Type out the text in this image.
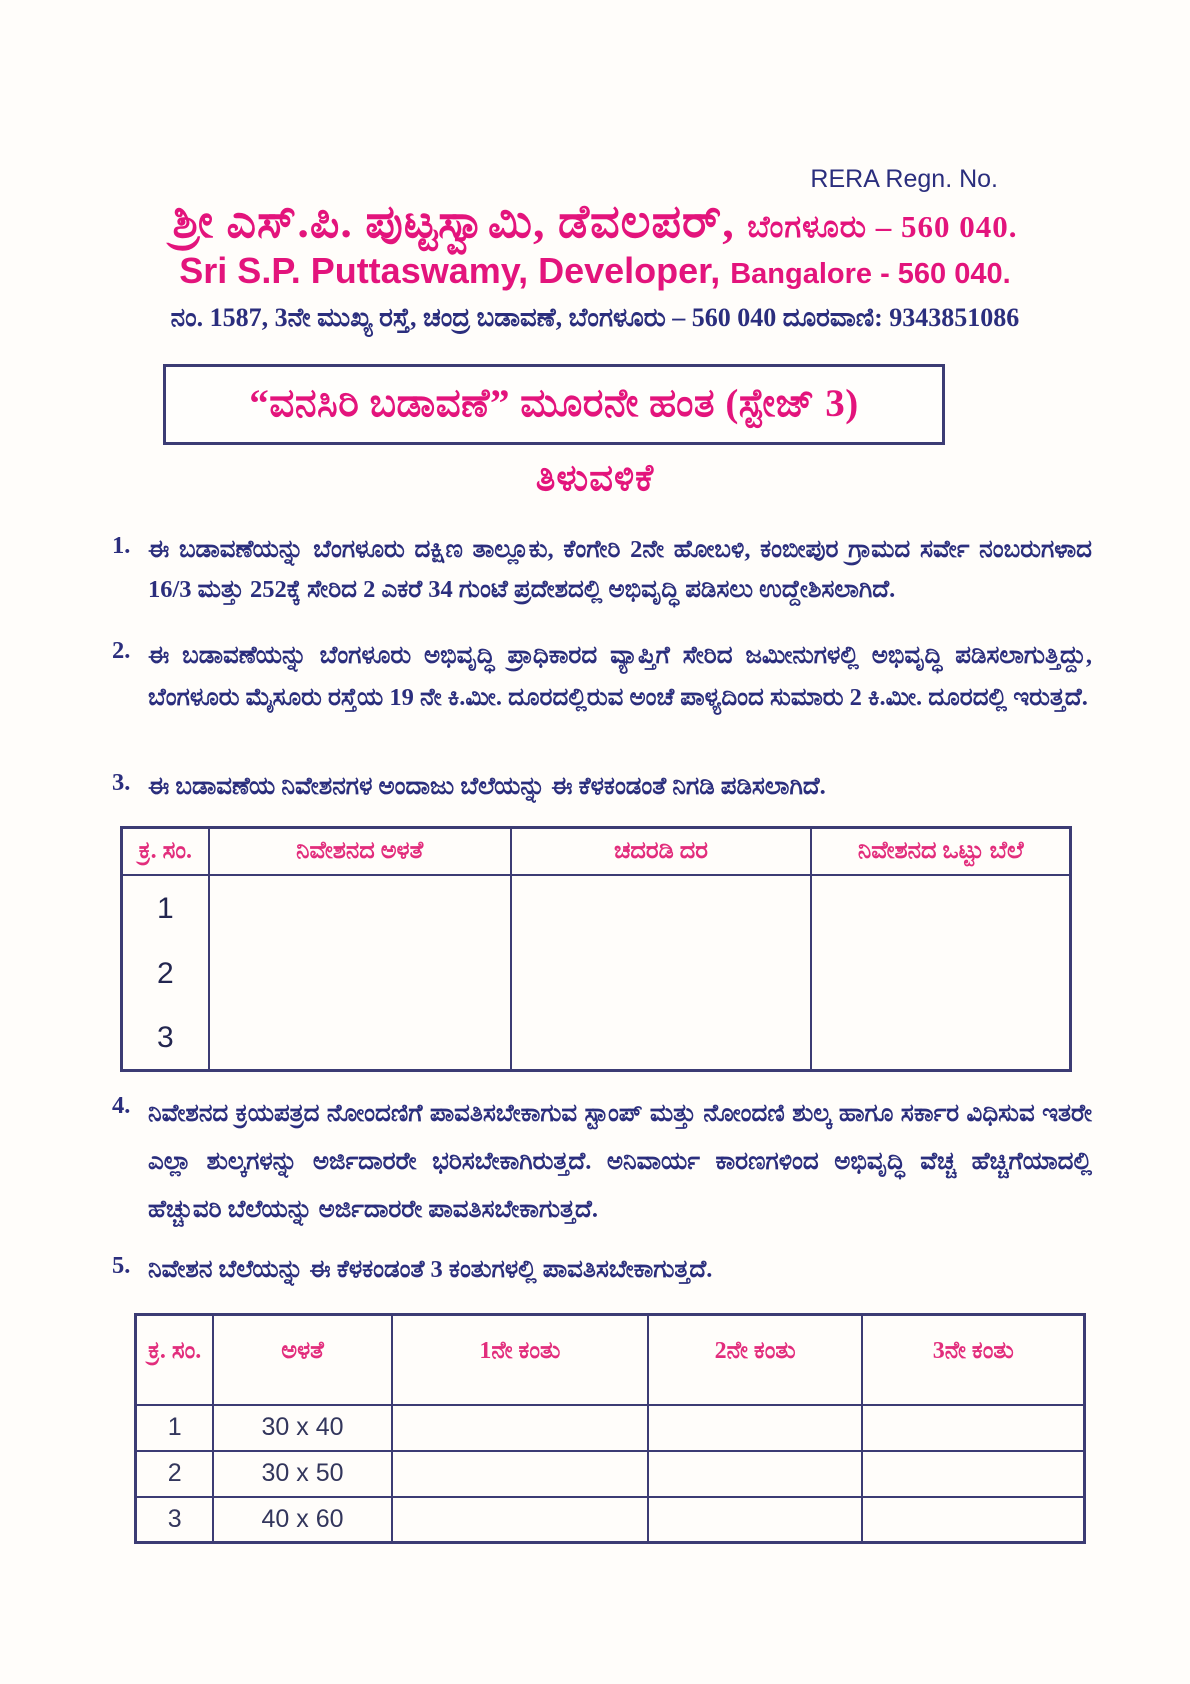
RERA Regn. No.
ಶ್ರೀ ಎಸ್.ಪಿ. ಪುಟ್ಟಸ್ವಾಮಿ, ಡೆವಲಪರ್, ಬೆಂಗಳೂರು – 560 040.
Sri S.P. Puttaswamy, Developer, Bangalore - 560 040.
ನಂ. 1587, 3ನೇ ಮುಖ್ಯ ರಸ್ತೆ, ಚಂದ್ರ ಬಡಾವಣೆ, ಬೆಂಗಳೂರು – 560 040 ದೂರವಾಣಿ: 9343851086
“ವನಸಿರಿ ಬಡಾವಣೆ” ಮೂರನೇ ಹಂತ (ಸ್ಟೇಜ್ 3)
ತಿಳುವಳಿಕೆ
1. ಈ ಬಡಾವಣೆಯನ್ನು ಬೆಂಗಳೂರು ದಕ್ಷಿಣ ತಾಲ್ಲೂಕು, ಕೆಂಗೇರಿ 2ನೇ ಹೋಬಳಿ, ಕಂಬೀಪುರ ಗ್ರಾಮದ ಸರ್ವೇ ನಂಬರುಗಳಾದ 16/3 ಮತ್ತು 252ಕ್ಕೆ ಸೇರಿದ 2 ಎಕರೆ 34 ಗುಂಟೆ ಪ್ರದೇಶದಲ್ಲಿ ಅಭಿವೃದ್ಧಿ ಪಡಿಸಲು ಉದ್ದೇಶಿಸಲಾಗಿದೆ.
2. ಈ ಬಡಾವಣೆಯನ್ನು ಬೆಂಗಳೂರು ಅಭಿವೃದ್ಧಿ ಪ್ರಾಧಿಕಾರದ ವ್ಯಾಪ್ತಿಗೆ ಸೇರಿದ ಜಮೀನುಗಳಲ್ಲಿ ಅಭಿವೃದ್ಧಿ ಪಡಿಸಲಾಗುತ್ತಿದ್ದು, ಬೆಂಗಳೂರು ಮೈಸೂರು ರಸ್ತೆಯ 19 ನೇ ಕಿ.ಮೀ. ದೂರದಲ್ಲಿರುವ ಅಂಚೆ ಪಾಳ್ಯದಿಂದ ಸುಮಾರು 2 ಕಿ.ಮೀ. ದೂರದಲ್ಲಿ ಇರುತ್ತದೆ.
3. ಈ ಬಡಾವಣೆಯ ನಿವೇಶನಗಳ ಅಂದಾಜು ಬೆಲೆಯನ್ನು ಈ ಕೆಳಕಂಡಂತೆ ನಿಗಡಿ ಪಡಿಸಲಾಗಿದೆ.
ಕ್ರ. ಸಂ.	ನಿವೇಶನದ ಅಳತೆ	ಚದರಡಿ ದರ	ನಿವೇಶನದ ಒಟ್ಟು ಬೆಲೆ

1
2
3			

4. ನಿವೇಶನದ ಕ್ರಯಪತ್ರದ ನೋಂದಣಿಗೆ ಪಾವತಿಸಬೇಕಾಗುವ ಸ್ಟಾಂಪ್ ಮತ್ತು ನೋಂದಣಿ ಶುಲ್ಕ ಹಾಗೂ ಸರ್ಕಾರ ವಿಧಿಸುವ ಇತರೇ ಎಲ್ಲಾ ಶುಲ್ಕಗಳನ್ನು ಅರ್ಜಿದಾರರೇ ಭರಿಸಬೇಕಾಗಿರುತ್ತದೆ. ಅನಿವಾರ್ಯ ಕಾರಣಗಳಿಂದ ಅಭಿವೃದ್ಧಿ ವೆಚ್ಚ ಹೆಚ್ಚಿಗೆಯಾದಲ್ಲಿ ಹೆಚ್ಚುವರಿ ಬೆಲೆಯನ್ನು ಅರ್ಜಿದಾರರೇ ಪಾವತಿಸಬೇಕಾಗುತ್ತದೆ.
5. ನಿವೇಶನ ಬೆಲೆಯನ್ನು ಈ ಕೆಳಕಂಡಂತೆ 3 ಕಂತುಗಳಲ್ಲಿ ಪಾವತಿಸಬೇಕಾಗುತ್ತದೆ.
ಕ್ರ. ಸಂ.	ಅಳತೆ	1ನೇ ಕಂತು	2ನೇ ಕಂತು	3ನೇ ಕಂತು
1	30 x 40			
2	30 x 50			
3	40 x 60			
